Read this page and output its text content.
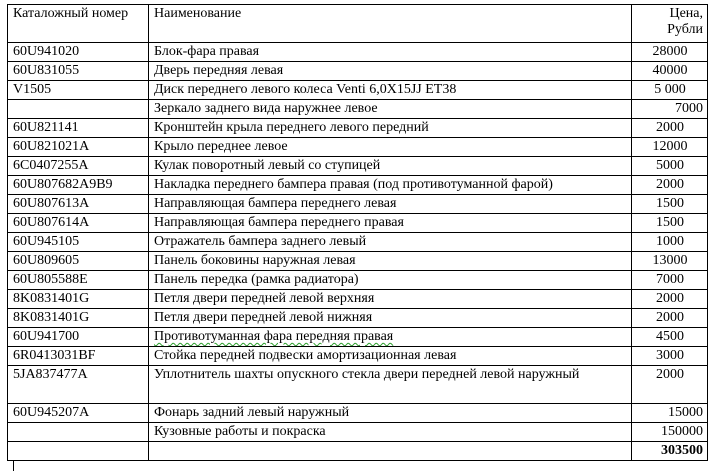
Каталожный номер	Наименование	Цена, Рубли
60U941020	Блок-фара правая	28000
60U831055	Дверь передняя левая	40000
V1505	Диск переднего левого колеса Venti 6,0X15JJ ET38	5 000
	Зеркало заднего вида наружнее левое	7000
60U821141	Кронштейн крыла переднего левого передний	2000
60U821021A	Крыло переднее левое	12000
6C0407255A	Кулак поворотный левый со ступицей	5000
60U807682A9B9	Накладка переднего бампера правая (под противотуманной фарой)	2000
60U807613A	Направляющая бампера переднего левая	1500
60U807614A	Направляющая бампера переднего правая	1500
60U945105	Отражатель бампера заднего левый	1000
60U809605	Панель боковины наружная левая	13000
60U805588E	Панель передка (рамка радиатора)	7000
8K0831401G	Петля двери передней левой верхняя	2000
8K0831401G	Петля двери передней левой нижняя	2000
60U941700	Противотуманная фара передняя правая	4500
6R0413031BF	Стойка передней подвески амортизационная левая	3000
5JA837477A	Уплотнитель шахты опускного стекла двери передней левой наружный	2000
60U945207A	Фонарь задний левый наружный	15000
	Кузовные работы и покраска	150000
		303500
